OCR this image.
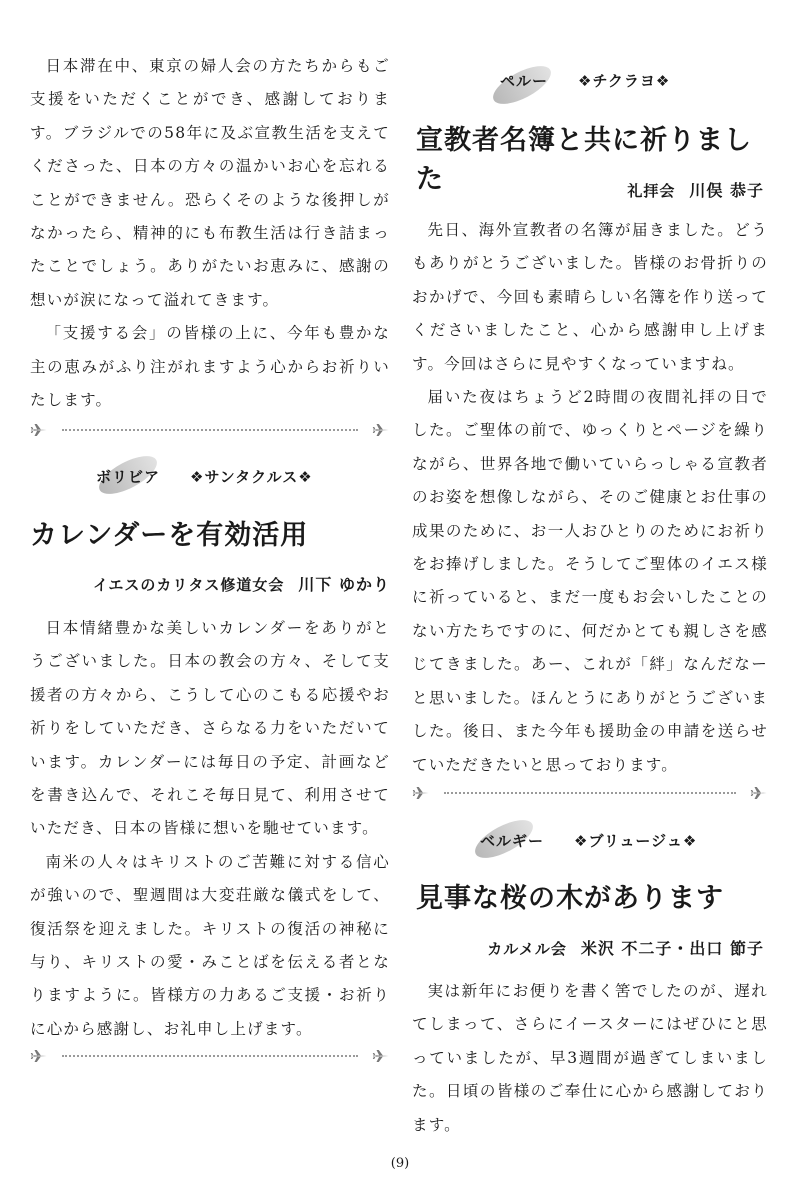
日本滞在中、東京の婦人会の方たちからもご支援をいただくことができ、感謝しております。ブラジルでの58年に及ぶ宣教生活を支えてくださった、日本の方々の温かいお心を忘れることができません。恐らくそのような後押しがなかったら、精神的にも布教生活は行き詰まったことでしょう。ありがたいお恵みに、感謝の想いが涙になって溢れてきます。

「支援する会」の皆様の上に、今年も豊かな主の恵みがふり注がれますよう心からお祈りいたします。

ボリビア ❖サンタクルス❖
カレンダーを有効活用
イエスのカリタス修道女会 川下 ゆかり

日本情緒豊かな美しいカレンダーをありがとうございました。日本の教会の方々、そして支援者の方々から、こうして心のこもる応援やお祈りをしていただき、さらなる力をいただいています。カレンダーには毎日の予定、計画などを書き込んで、それこそ毎日見て、利用させていただき、日本の皆様に想いを馳せています。

南米の人々はキリストのご苦難に対する信心が強いので、聖週間は大変荘厳な儀式をして、復活祭を迎えました。キリストの復活の神秘に与り、キリストの愛・みことばを伝える者となりますように。皆様方の力あるご支援・お祈りに心から感謝し、お礼申し上げます。

ペルー ❖チクラヨ❖
宣教者名簿と共に祈りました	礼拝会 川俣 恭子

先日、海外宣教者の名簿が届きました。どうもありがとうございました。皆様のお骨折りのおかげで、今回も素晴らしい名簿を作り送ってくださいましたこと、心から感謝申し上げます。今回はさらに見やすくなっていますね。

届いた夜はちょうど2時間の夜間礼拝の日でした。ご聖体の前で、ゆっくりとページを繰りながら、世界各地で働いていらっしゃる宣教者のお姿を想像しながら、そのご健康とお仕事の成果のために、お一人おひとりのためにお祈りをお捧げしました。そうしてご聖体のイエス様に祈っていると、まだ一度もお会いしたことのない方たちですのに、何だかとても親しさを感じてきました。あー、これが「絆」なんだなーと思いました。ほんとうにありがとうございました。後日、また今年も援助金の申請を送らせていただきたいと思っております。

ベルギー ❖ブリュージュ❖
見事な桜の木があります
カルメル会 米沢 不二子・出口 節子

実は新年にお便りを書く筈でしたのが、遅れてしまって、さらにイースターにはぜひにと思っていましたが、早3週間が過ぎてしまいました。日頃の皆様のご奉仕に心から感謝しております。

(9)
